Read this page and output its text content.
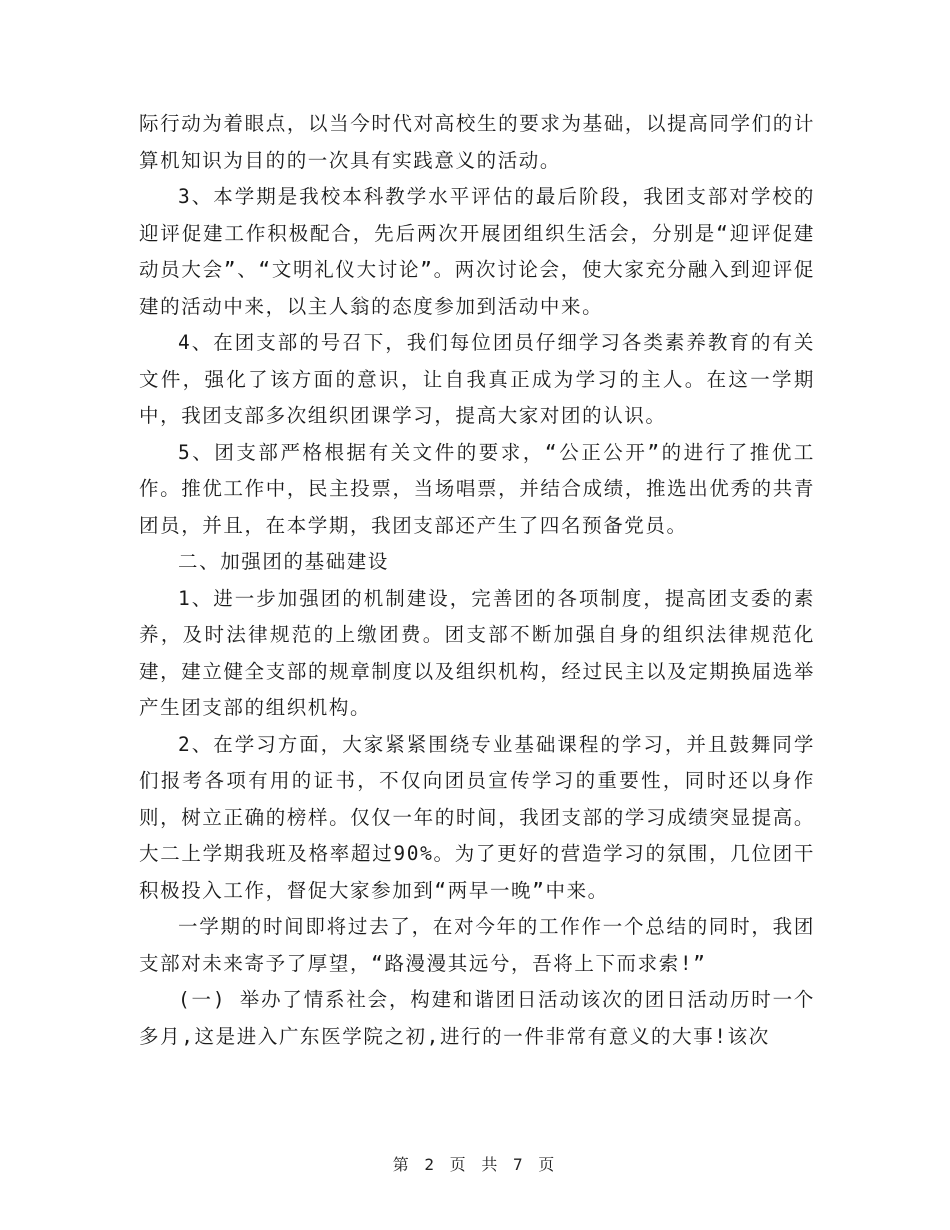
际行动为着眼点，以当今时代对高校生的要求为基础，以提高同学们的计算机知识为目的的一次具有实践意义的活动。

3、本学期是我校本科教学水平评估的最后阶段，我团支部对学校的迎评促建工作积极配合，先后两次开展团组织生活会，分别是“迎评促建动员大会”、“文明礼仪大讨论”。两次讨论会，使大家充分融入到迎评促建的活动中来，以主人翁的态度参加到活动中来。

4、在团支部的号召下，我们每位团员仔细学习各类素养教育的有关文件，强化了该方面的意识，让自我真正成为学习的主人。在这一学期中，我团支部多次组织团课学习，提高大家对团的认识。

5、团支部严格根据有关文件的要求，“公正公开”的进行了推优工作。推优工作中，民主投票，当场唱票，并结合成绩，推选出优秀的共青团员，并且，在本学期，我团支部还产生了四名预备党员。

二、加强团的基础建设

1、进一步加强团的机制建设，完善团的各项制度，提高团支委的素养，及时法律规范的上缴团费。团支部不断加强自身的组织法律规范化建，建立健全支部的规章制度以及组织机构，经过民主以及定期换届选举产生团支部的组织机构。

2、在学习方面，大家紧紧围绕专业基础课程的学习，并且鼓舞同学们报考各项有用的证书，不仅向团员宣传学习的重要性，同时还以身作则，树立正确的榜样。仅仅一年的时间，我团支部的学习成绩突显提高。大二上学期我班及格率超过90%。为了更好的营造学习的氛围，几位团干积极投入工作，督促大家参加到“两早一晚”中来。

一学期的时间即将过去了，在对今年的工作作一个总结的同时，我团支部对未来寄予了厚望，“路漫漫其远兮，吾将上下而求索!”

(一) 举办了情系社会，构建和谐团日活动该次的团日活动历时一个多月,这是进入广东医学院之初,进行的一件非常有意义的大事!该次

第 2 页 共 7 页
